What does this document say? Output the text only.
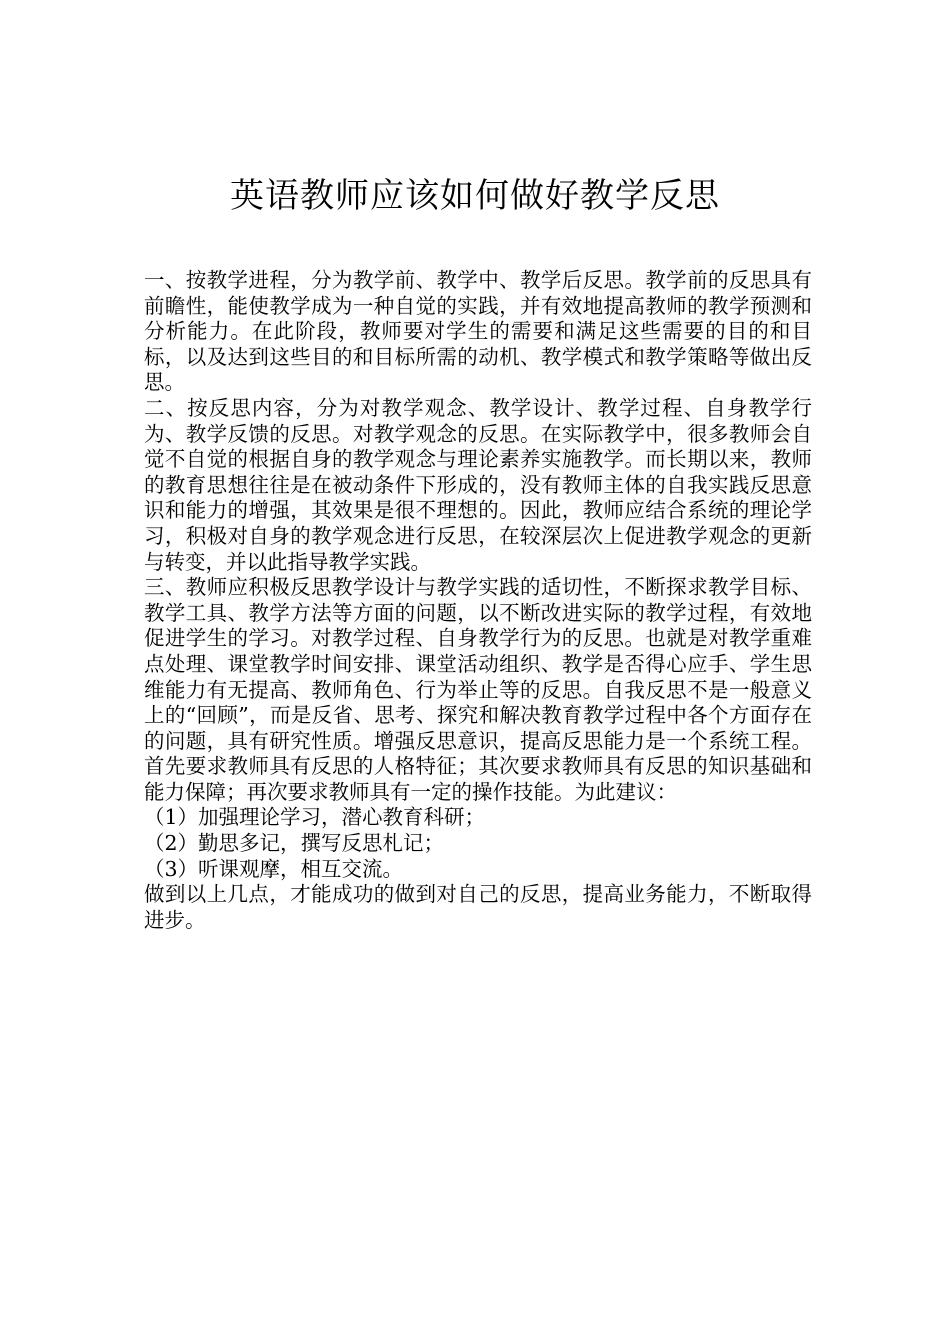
英语教师应该如何做好教学反思

一、按教学进程，分为教学前、教学中、教学后反思。教学前的反思具有前瞻性，能使教学成为一种自觉的实践，并有效地提高教师的教学预测和分析能力。在此阶段，教师要对学生的需要和满足这些需要的目的和目标，以及达到这些目的和目标所需的动机、教学模式和教学策略等做出反思。

二、按反思内容，分为对教学观念、教学设计、教学过程、自身教学行为、教学反馈的反思。对教学观念的反思。在实际教学中，很多教师会自觉不自觉的根据自身的教学观念与理论素养实施教学。而长期以来，教师的教育思想往往是在被动条件下形成的，没有教师主体的自我实践反思意识和能力的增强，其效果是很不理想的。因此，教师应结合系统的理论学习，积极对自身的教学观念进行反思，在较深层次上促进教学观念的更新与转变，并以此指导教学实践。

三、教师应积极反思教学设计与教学实践的适切性，不断探求教学目标、教学工具、教学方法等方面的问题，以不断改进实际的教学过程，有效地促进学生的学习。对教学过程、自身教学行为的反思。也就是对教学重难点处理、课堂教学时间安排、课堂活动组织、教学是否得心应手、学生思维能力有无提高、教师角色、行为举止等的反思。自我反思不是一般意义上的“回顾”，而是反省、思考、探究和解决教育教学过程中各个方面存在的问题，具有研究性质。增强反思意识，提高反思能力是一个系统工程。首先要求教师具有反思的人格特征；其次要求教师具有反思的知识基础和能力保障；再次要求教师具有一定的操作技能。为此建议：

（1）加强理论学习，潜心教育科研；

（2）勤思多记，撰写反思札记；

（3）听课观摩，相互交流。

做到以上几点，才能成功的做到对自己的反思，提高业务能力，不断取得进步。
